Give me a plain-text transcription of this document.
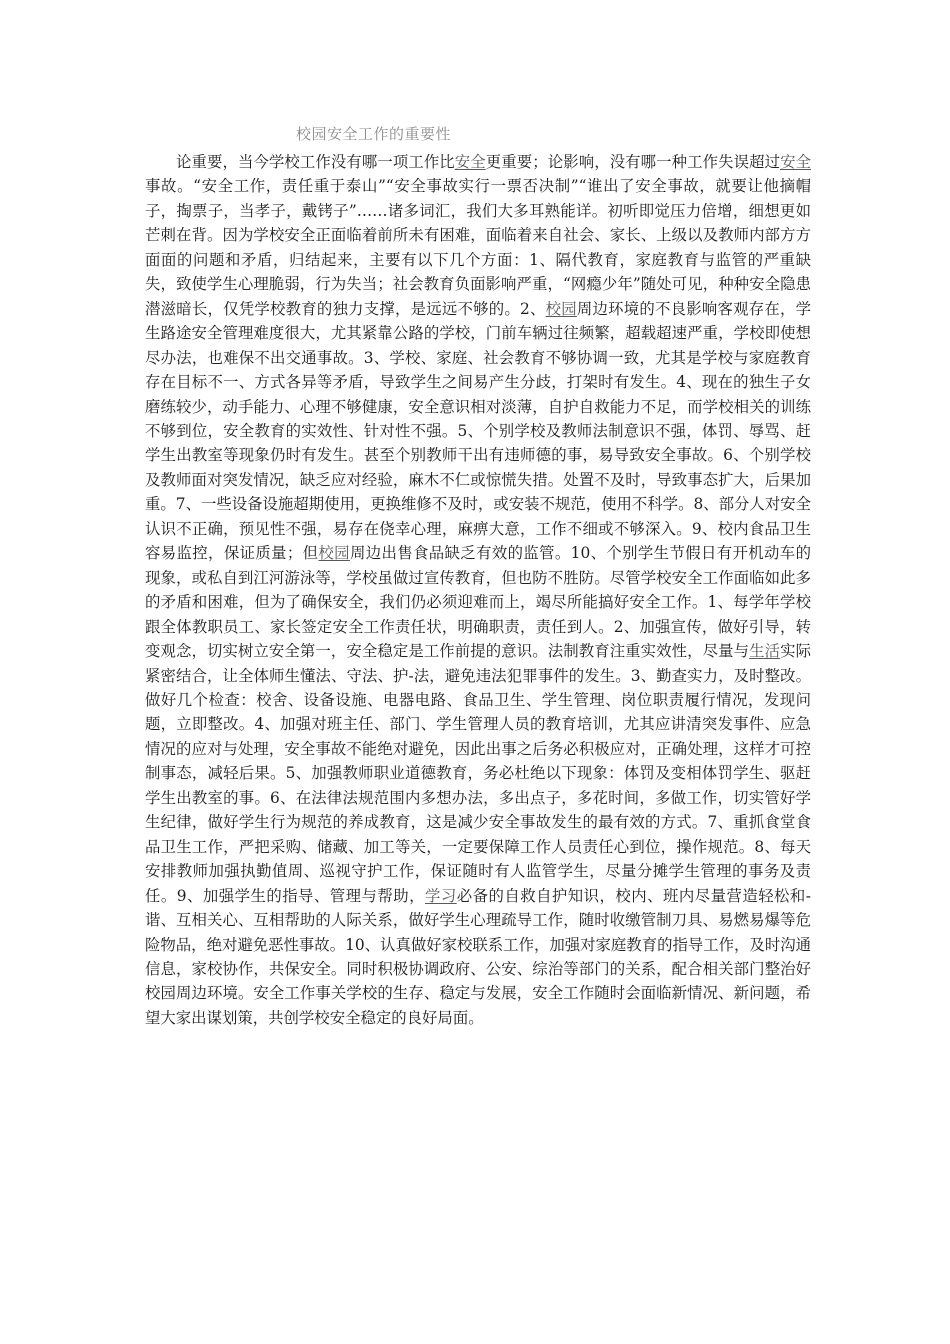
校园安全工作的重要性

论重要，当今学校工作没有哪一项工作比安全更重要；论影响，没有哪一种工作失误超过安全事故。“安全工作，责任重于泰山”“安全事故实行一票否决制”“谁出了安全事故，就要让他摘帽子，掏票子，当孝子，戴铐子”……诸多词汇，我们大多耳熟能详。初听即觉压力倍增，细想更如芒刺在背。因为学校安全正面临着前所未有困难，面临着来自社会、家长、上级以及教师内部方方面面的问题和矛盾，归结起来，主要有以下几个方面：1、隔代教育，家庭教育与监管的严重缺失，致使学生心理脆弱，行为失当；社会教育负面影响严重，“网瘾少年”随处可见，种种安全隐患潜滋暗长，仅凭学校教育的独力支撑，是远远不够的。2、校园周边环境的不良影响客观存在，学生路途安全管理难度很大，尤其紧靠公路的学校，门前车辆过往频繁，超载超速严重，学校即使想尽办法，也难保不出交通事故。3、学校、家庭、社会教育不够协调一致，尤其是学校与家庭教育存在目标不一、方式各异等矛盾，导致学生之间易产生分歧，打架时有发生。4、现在的独生子女磨练较少，动手能力、心理不够健康，安全意识相对淡薄，自护自救能力不足，而学校相关的训练不够到位，安全教育的实效性、针对性不强。5、个别学校及教师法制意识不强，体罚、辱骂、赶学生出教室等现象仍时有发生。甚至个别教师干出有违师德的事，易导致安全事故。6、个别学校及教师面对突发情况，缺乏应对经验，麻木不仁或惊慌失措。处置不及时，导致事态扩大，后果加重。7、一些设备设施超期使用，更换维修不及时，或安装不规范，使用不科学。8、部分人对安全认识不正确，预见性不强，易存在侥幸心理，麻痹大意，工作不细或不够深入。9、校内食品卫生容易监控，保证质量；但校园周边出售食品缺乏有效的监管。10、个别学生节假日有开机动车的现象，或私自到江河游泳等，学校虽做过宣传教育，但也防不胜防。尽管学校安全工作面临如此多的矛盾和困难，但为了确保安全，我们仍必须迎难而上，竭尽所能搞好安全工作。1、每学年学校跟全体教职员工、家长签定安全工作责任状，明确职责，责任到人。2、加强宣传，做好引导，转变观念，切实树立安全第一，安全稳定是工作前提的意识。法制教育注重实效性，尽量与生活实际紧密结合，让全体师生懂法、守法、护-法，避免违法犯罪事件的发生。3、勤查实力，及时整改。做好几个检查：校舍、设备设施、电器电路、食品卫生、学生管理、岗位职责履行情况，发现问题，立即整改。4、加强对班主任、部门、学生管理人员的教育培训，尤其应讲清突发事件、应急情况的应对与处理，安全事故不能绝对避免，因此出事之后务必积极应对，正确处理，这样才可控制事态，减轻后果。5、加强教师职业道德教育，务必杜绝以下现象：体罚及变相体罚学生、驱赶学生出教室的事。6、在法律法规范围内多想办法，多出点子，多花时间，多做工作，切实管好学生纪律，做好学生行为规范的养成教育，这是减少安全事故发生的最有效的方式。7、重抓食堂食品卫生工作，严把采购、储藏、加工等关，一定要保障工作人员责任心到位，操作规范。8、每天安排教师加强执勤值周、巡视守护工作，保证随时有人监管学生，尽量分摊学生管理的事务及责任。9、加强学生的指导、管理与帮助，学习必备的自救自护知识，校内、班内尽量营造轻松和-谐、互相关心、互相帮助的人际关系，做好学生心理疏导工作，随时收缴管制刀具、易燃易爆等危险物品，绝对避免恶性事故。10、认真做好家校联系工作，加强对家庭教育的指导工作，及时沟通信息，家校协作，共保安全。同时积极协调政府、公安、综治等部门的关系，配合相关部门整治好校园周边环境。安全工作事关学校的生存、稳定与发展，安全工作随时会面临新情况、新问题，希望大家出谋划策，共创学校安全稳定的良好局面。
